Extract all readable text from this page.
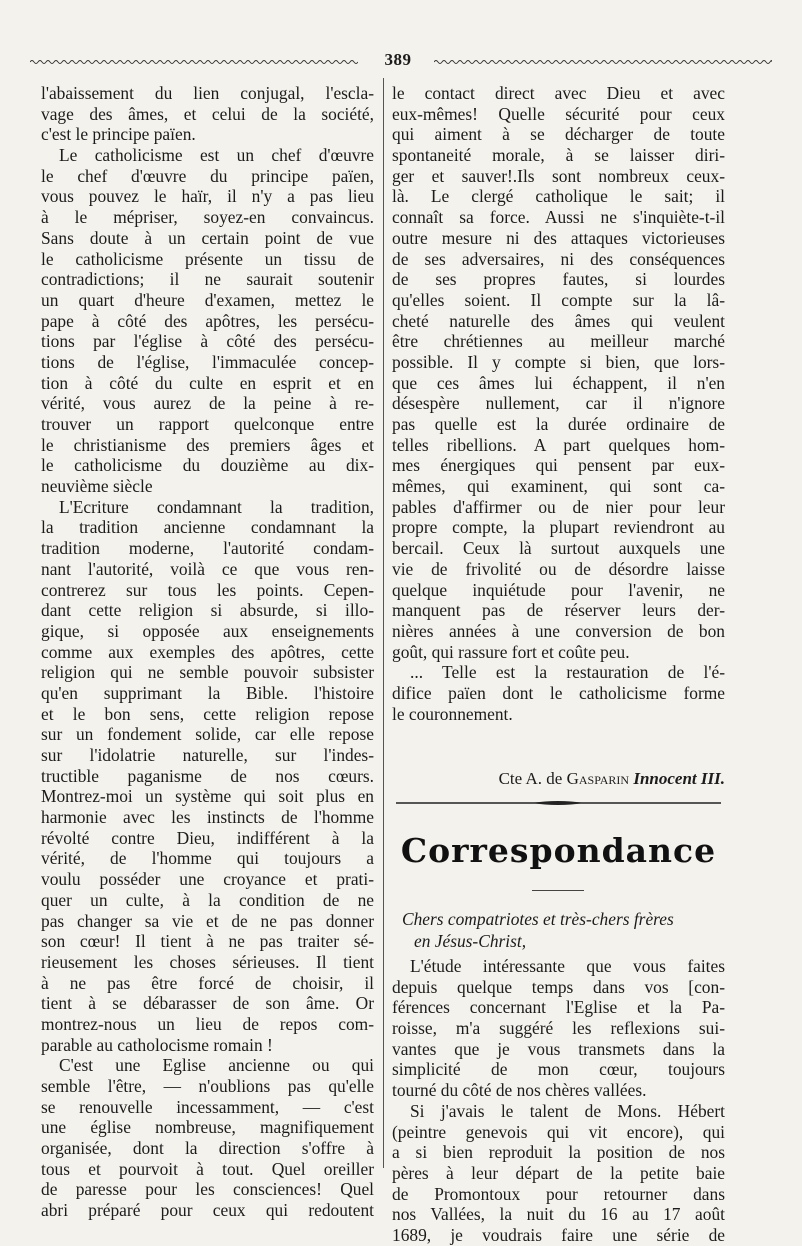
389
l'abaissement du lien conjugal, l'escla-
vage des âmes, et celui de la société,
c'est le principe païen.
Le catholicisme est un chef d'œuvre
le chef d'œuvre du principe païen,
vous pouvez le haïr, il n'y a pas lieu
à le mépriser, soyez-en convaincus.
Sans doute à un certain point de vue
le catholicisme présente un tissu de
contradictions; il ne saurait soutenir
un quart d'heure d'examen, mettez le
pape à côté des apôtres, les persécu-
tions par l'église à côté des persécu-
tions de l'église, l'immaculée concep-
tion à côté du culte en esprit et en
vérité, vous aurez de la peine à re-
trouver un rapport quelconque entre
le christianisme des premiers âges et
le catholicisme du douzième au dix-
neuvième siècle
L'Ecriture condamnant la tradition,
la tradition ancienne condamnant la
tradition moderne, l'autorité condam-
nant l'autorité, voilà ce que vous ren-
contrerez sur tous les points. Cepen-
dant cette religion si absurde, si illo-
gique, si opposée aux enseignements
comme aux exemples des apôtres, cette
religion qui ne semble pouvoir subsister
qu'en supprimant la Bible. l'histoire
et le bon sens, cette religion repose
sur un fondement solide, car elle repose
sur l'idolatrie naturelle, sur l'indes-
tructible paganisme de nos cœurs.
Montrez-moi un système qui soit plus en
harmonie avec les instincts de l'homme
révolté contre Dieu, indifférent à la
vérité, de l'homme qui toujours a
voulu posséder une croyance et prati-
quer un culte, à la condition de ne
pas changer sa vie et de ne pas donner
son cœur! Il tient à ne pas traiter sé-
rieusement les choses sérieuses. Il tient
à ne pas être forcé de choisir, il
tient à se débarasser de son âme. Or
montrez-nous un lieu de repos com-
parable au catholocisme romain !
C'est une Eglise ancienne ou qui
semble l'être, — n'oublions pas qu'elle
se renouvelle incessamment, — c'est
une église nombreuse, magnifiquement
organisée, dont la direction s'offre à
tous et pourvoit à tout. Quel oreiller
de paresse pour les consciences! Quel
abri préparé pour ceux qui redoutent
le contact direct avec Dieu et avec
eux-mêmes! Quelle sécurité pour ceux
qui aiment à se décharger de toute
spontaneité morale, à se laisser diri-
ger et sauver!.Ils sont nombreux ceux-
là. Le clergé catholique le sait; il
connaît sa force. Aussi ne s'inquiète-t-il
outre mesure ni des attaques victorieuses
de ses adversaires, ni des conséquences
de ses propres fautes, si lourdes
qu'elles soient. Il compte sur la lâ-
cheté naturelle des âmes qui veulent
être chrétiennes au meilleur marché
possible. Il y compte si bien, que lors-
que ces âmes lui échappent, il n'en
désespère nullement, car il n'ignore
pas quelle est la durée ordinaire de
telles ribellions. A part quelques hom-
mes énergiques qui pensent par eux-
mêmes, qui examinent, qui sont ca-
pables d'affirmer ou de nier pour leur
propre compte, la plupart reviendront au
bercail. Ceux là surtout auxquels une
vie de frivolité ou de désordre laisse
quelque inquiétude pour l'avenir, ne
manquent pas de réserver leurs der-
nières années à une conversion de bon
goût, qui rassure fort et coûte peu.
... Telle est la restauration de l'é-
difice païen dont le catholicisme forme
le couronnement.
Cte A. de Gasparin Innocent III.
Correspondance
Chers compatriotes et très-chers frères
en Jésus-Christ,
L'étude intéressante que vous faites
depuis quelque temps dans vos [con-
férences concernant l'Eglise et la Pa-
roisse, m'a suggéré les reflexions sui-
vantes que je vous transmets dans la
simplicité de mon cœur, toujours
tourné du côté de nos chères vallées.
Si j'avais le talent de Mons. Hébert
(peintre genevois qui vit encore), qui
a si bien reproduit la position de nos
pères à leur départ de la petite baie
de Promontoux pour retourner dans
nos Vallées, la nuit du 16 au 17 août
1689, je voudrais faire une série de
